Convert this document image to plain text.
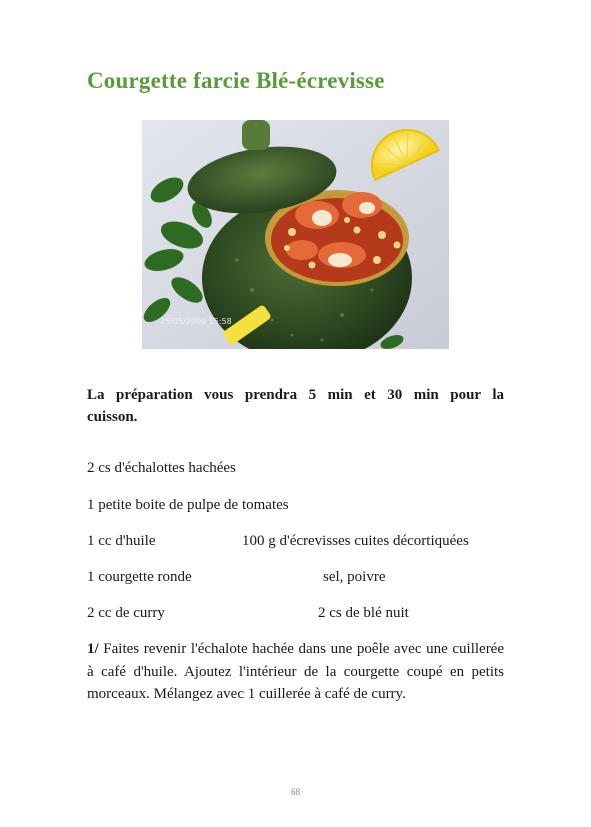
Courgette farcie Blé-écrevisse
25/05/2009 15:58
La préparation vous prendra 5 min et 30 min pour la
cuisson.
2 cs d'échalottes hachées
1 petite boite de pulpe de tomates
1 cc d'huile	100 g d'écrevisses cuites décortiquées
1 courgette ronde	sel, poivre
2 cc de curry	2 cs de blé nuit
1/ Faites revenir l'échalote hachée dans une poêle avec une cuillerée à café d'huile. Ajoutez l'intérieur de la courgette coupé en petits morceaux. Mélangez avec 1 cuillerée à café de curry.
68
